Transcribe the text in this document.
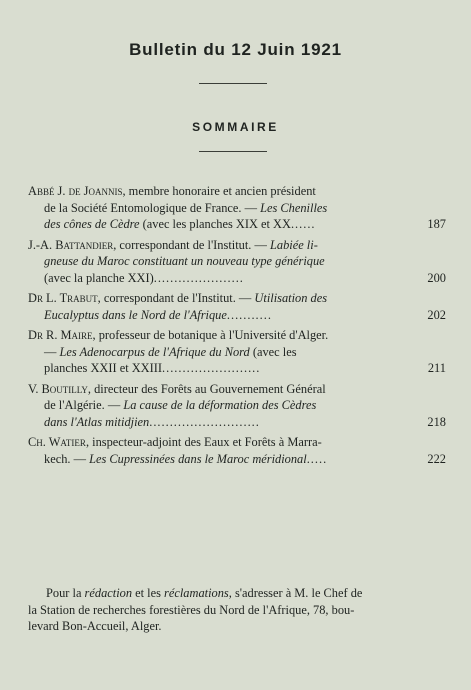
Bulletin du 12 Juin 1921
SOMMAIRE
Abbé J. de Joannis, membre honoraire et ancien président
de la Société Entomologique de France. — Les Chenilles
des cônes de Cèdre (avec les planches XIX et XX......	187
J.-A. Battandier, correspondant de l'Institut. — Labiée li-
gneuse du Maroc constituant un nouveau type générique
(avec la planche XXI)......................	200
Dr L. Trabut, correspondant de l'Institut. — Utilisation des
Eucalyptus dans le Nord de l'Afrique...........	202
Dr R. Maire, professeur de botanique à l'Université d'Alger.
— Les Adenocarpus de l'Afrique du Nord (avec les
planches XXII et XXIII........................	211
V. Boutilly, directeur des Forêts au Gouvernement Général
de l'Algérie. — La cause de la déformation des Cèdres
dans l'Atlas mitidjien...........................	218
Ch. Watier, inspecteur-adjoint des Eaux et Forêts à Marra-
kech. — Les Cupressinées dans le Maroc méridional.....	222
Pour la rédaction et les réclamations, s'adresser à M. le Chef de
la Station de recherches forestières du Nord de l'Afrique, 78, bou-
levard Bon-Accueil, Alger.
